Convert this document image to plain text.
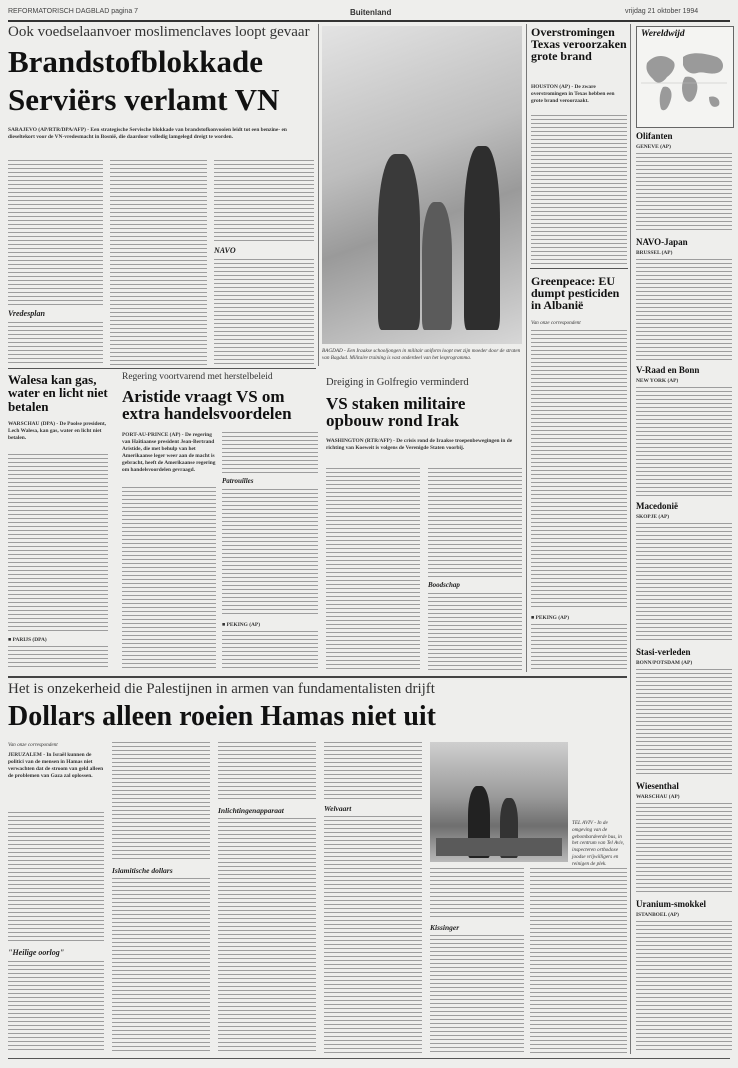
REFORMATORISCH DAGBLAD pagina 7	Buitenland	vrijdag 21 oktober 1994
Ook voedselaanvoer moslimenclaves loopt gevaar
Brandstofblokkade
Serviërs verlamt VN
SARAJEVO (AP/RTR/DPA/AFP) - Een strategische Servische blokkade van brandstofkonvooien leidt tot een benzine- en dieseltekort voor de VN-vredesmacht in Bosnië, die daardoor volledig lamgelegd dreigt te worden.
Vredesplan
NAVO
BAGDAD - Een Iraakse schooljongen in militair uniform loopt met zijn moeder door de straten van Bagdad. Militaire training is vast onderdeel van het lesprogramma.
Walesa kan gas, water en licht niet betalen
WARSCHAU (DPA) - De Poolse president, Lech Walesa, kan gas, water en licht niet betalen.
■ PARIJS (DPA)
Regering voortvarend met herstelbeleid
Aristide vraagt VS om extra handelsvoordelen
PORT-AU-PRINCE (AP) - De regering van Haïtiaanse president Jean-Bertrand Aristide, die met behulp van het Amerikaanse leger weer aan de macht is gebracht, heeft de Amerikaanse regering om handelsvoordelen gevraagd.
Patrouilles
■ PEKING (AP)
Dreiging in Golfregio verminderd
VS staken militaire opbouw rond Irak
WASHINGTON (RTR/AFP) - De crisis rond de Iraakse troepenbewegingen in de richting van Koeweit is volgens de Verenigde Staten voorbij.
Boodschap
Overstromingen Texas veroorzaken grote brand
HOUSTON (AP) - De zware overstromingen in Texas hebben een grote brand veroorzaakt.
Greenpeace: EU dumpt pesticiden in Albanië
Van onze correspondent
■ PEKING (AP)
Wereldwijd
Olifanten
GENEVE (AP)
NAVO-Japan
BRUSSEL (AP)
V-Raad en Bonn
NEW YORK (AP)
Macedonië
SKOPJE (AP)
Stasi-verleden
BONN/POTSDAM (AP)
Wiesenthal
WARSCHAU (AP)
Uranium-smokkel
ISTANBOEL (AP)
Het is onzekerheid die Palestijnen in armen van fundamentalisten drijft
Dollars alleen roeien Hamas niet uit
Van onze correspondent
JERUZALEM - In Israël kunnen de politici van de mensen in Hamas niet verwachten dat de stroom van geld alleen de problemen van Gaza zal oplossen.
"Heilige oorlog"
Islamitische dollars
Inlichtingenapparaat	Welvaart
TEL AVIV - In de omgeving van de gebombardeerde bus, in het centrum van Tel Aviv, inspecteren orthodoxe joodse vrijwilligers en reinigen de plek.
Kissinger
